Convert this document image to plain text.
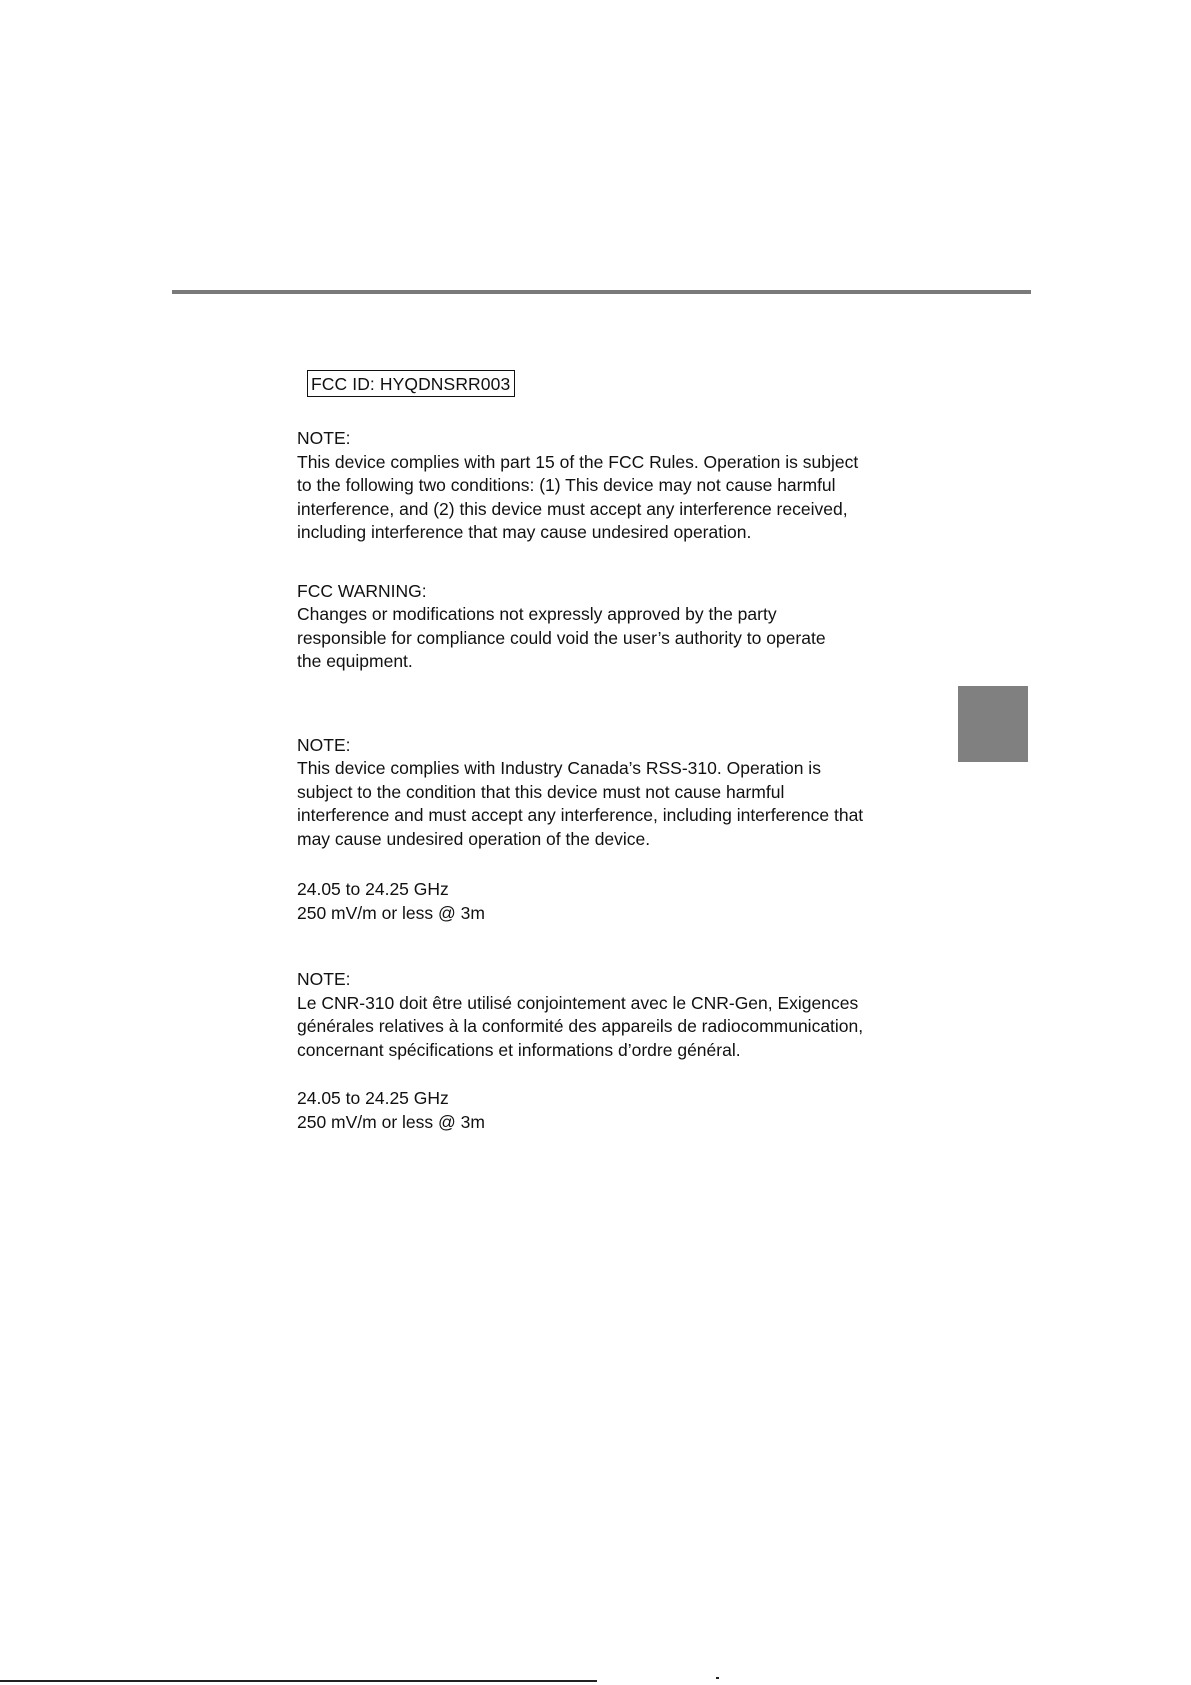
FCC ID: HYQDNSRR003

NOTE:

This device complies with part 15 of the FCC Rules. Operation is subject

to the following two conditions: (1) This device may not cause harmful

interference, and (2) this device must accept any interference received,

including interference that may cause undesired operation.

FCC WARNING:

Changes or modifications not expressly approved by the party

responsible for compliance could void the user’s authority to operate

the equipment.

NOTE:

This device complies with Industry Canada’s RSS-310. Operation is

subject to the condition that this device must not cause harmful

interference and must accept any interference, including interference that

may cause undesired operation of the device.

24.05 to 24.25 GHz

250 mV/m or less @ 3m

NOTE:

Le CNR-310 doit être utilisé conjointement avec le CNR-Gen, Exigences

générales relatives à la conformité des appareils de radiocommunication,

concernant spécifications et informations d’ordre général.

24.05 to 24.25 GHz

250 mV/m or less @ 3m
